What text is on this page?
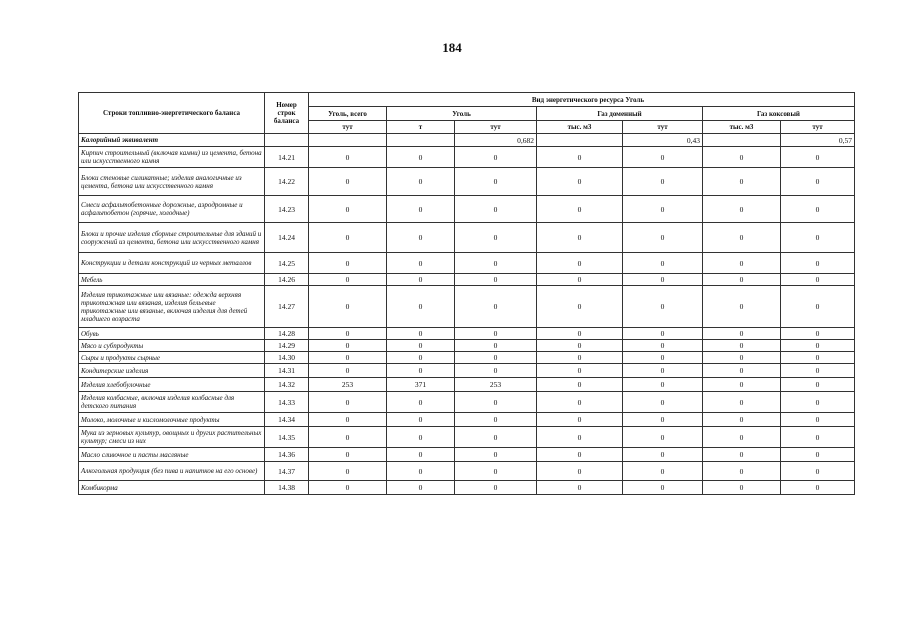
184
Строки топливно-энергетического баланса	Номер строк баланса	Вид энергетического ресурса Уголь						
		Уголь, всего	Уголь		Газ доменный		Газ коксовый	
		тут	т	тут	тыс. м3	тут	тыс. м3	тут
Калорийный эквивалент				0,682		0,43		0,57
Кирпич строительный (включая камни) из цемента, бетона или искусственного камня	14.21	0	0	0	0	0	0	0
Блоки стеновые силикатные; изделия аналогичные из цемента, бетона или искусственного камня	14.22	0	0	0	0	0	0	0
Смеси асфальтобетонные дорожные, аэродромные и асфальтобетон (горячие, холодные)	14.23	0	0	0	0	0	0	0
Блоки и прочие изделия сборные строительные для зданий и сооружений из цемента, бетона или искусственного камня	14.24	0	0	0	0	0	0	0
Конструкции и детали конструкций из черных металлов	14.25	0	0	0	0	0	0	0
Мебель	14.26	0	0	0	0	0	0	0
Изделия трикотажные или вязаные: одежда верхняя трикотажная или вязаная, изделия бельевые трикотажные или вязаные, включая изделия для детей младшего возраста	14.27	0	0	0	0	0	0	0
Обувь	14.28	0	0	0	0	0	0	0
Мясо и субпродукты	14.29	0	0	0	0	0	0	0
Сыры и продукты сырные	14.30	0	0	0	0	0	0	0
Кондитерские изделия	14.31	0	0	0	0	0	0	0
Изделия хлебобулочные	14.32	253	371	253	0	0	0	0
Изделия колбасные, включая изделия колбасные для детского питания	14.33	0	0	0	0	0	0	0
Молоко, молочные и кисломолочные продукты	14.34	0	0	0	0	0	0	0
Мука из зерновых культур, овощных и других растительных культур; смеси из них	14.35	0	0	0	0	0	0	0
Масло сливочное и пасты масляные	14.36	0	0	0	0	0	0	0
Алкогольная продукция (без пива и напитков на его основе)	14.37	0	0	0	0	0	0	0
Комбикорма	14.38	0	0	0	0	0	0	0
